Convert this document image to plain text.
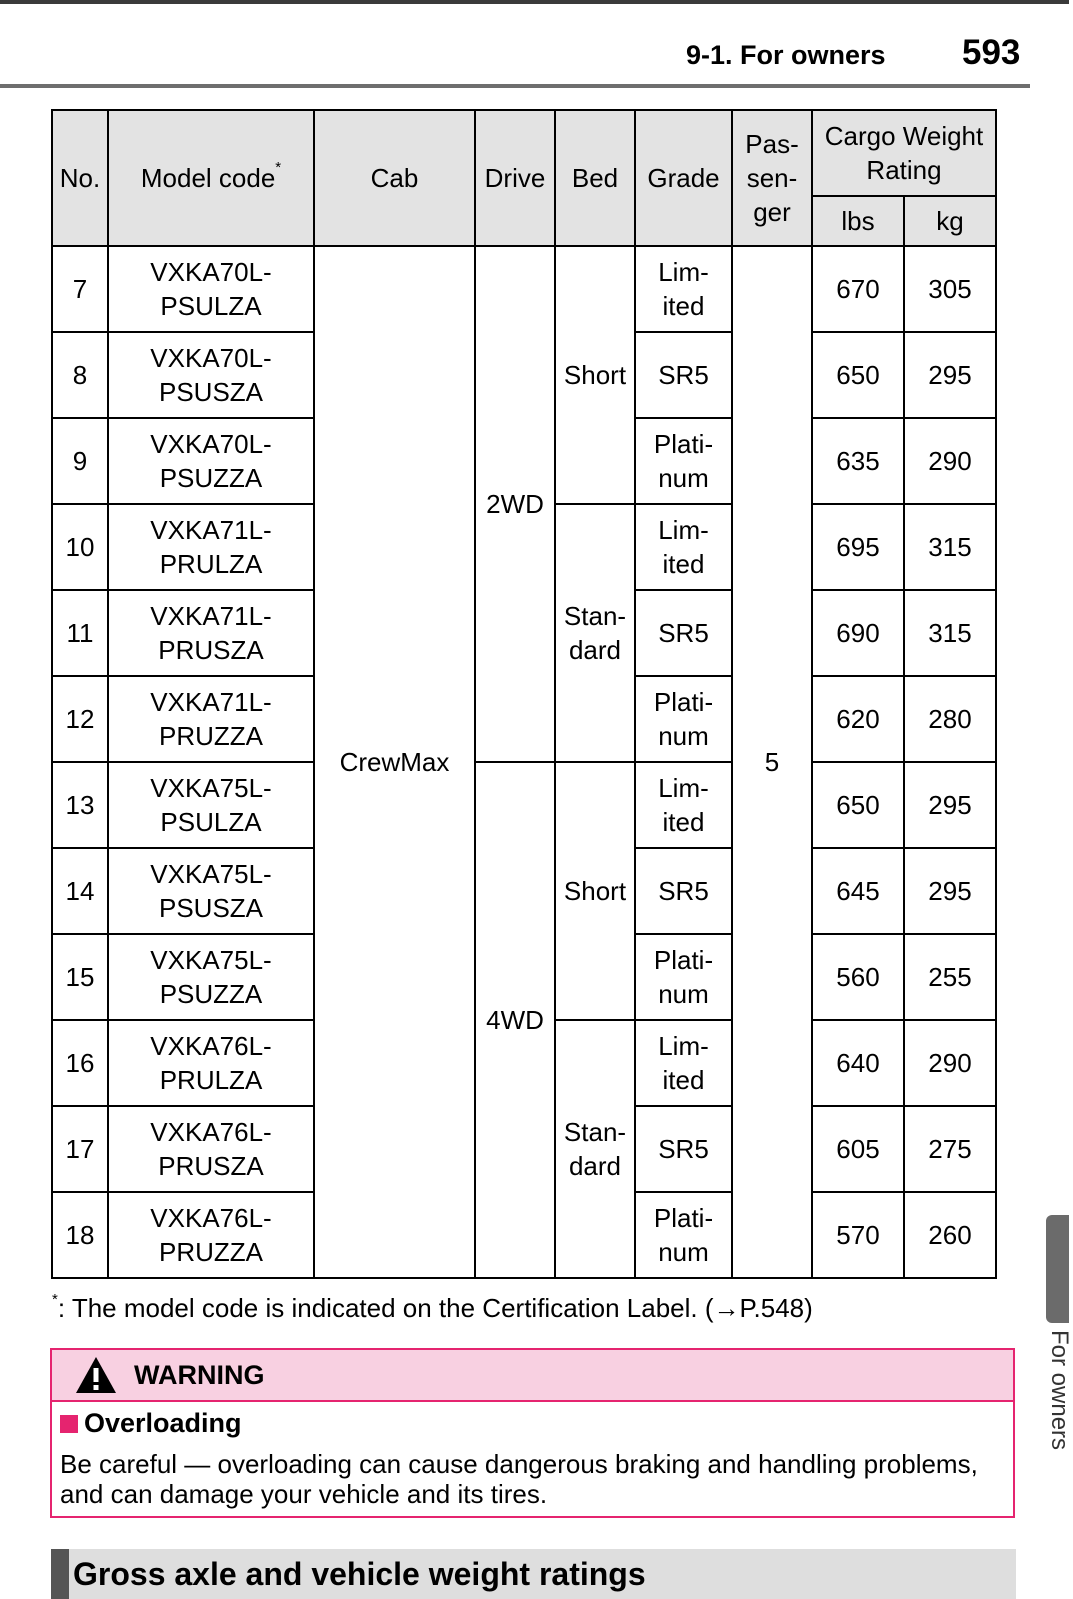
9-1. For owners 593
No.	Model code*	Cab	Drive	Bed	Grade	Pas-
sen-
ger	Cargo Weight Rating	
							lbs	kg
7	VXKA70L-
PSULZA	CrewMax	2WD	Short	Lim-
ited	5	670	305
8	VXKA70L-
PSUSZA				SR5		650	295
9	VXKA70L-
PSUZZA				Plati-
num		635	290
10	VXKA71L-
PRULZA			Stan-
dard	Lim-
ited		695	315
11	VXKA71L-
PRUSZA				SR5		690	315
12	VXKA71L-
PRUZZA				Plati-
num		620	280
13	VXKA75L-
PSULZA		4WD	Short	Lim-
ited		650	295
14	VXKA75L-
PSUSZA				SR5		645	295
15	VXKA75L-
PSUZZA				Plati-
num		560	255
16	VXKA76L-
PRULZA			Stan-
dard	Lim-
ited		640	290
17	VXKA76L-
PRUSZA				SR5		605	275
18	VXKA76L-
PRUZZA				Plati-
num		570	260
*: The model code is indicated on the Certification Label. (→P.548)
WARNING
Overloading
Be careful — overloading can cause dangerous braking and handling problems, and can damage your vehicle and its tires.
Gross axle and vehicle weight ratings
For owners
